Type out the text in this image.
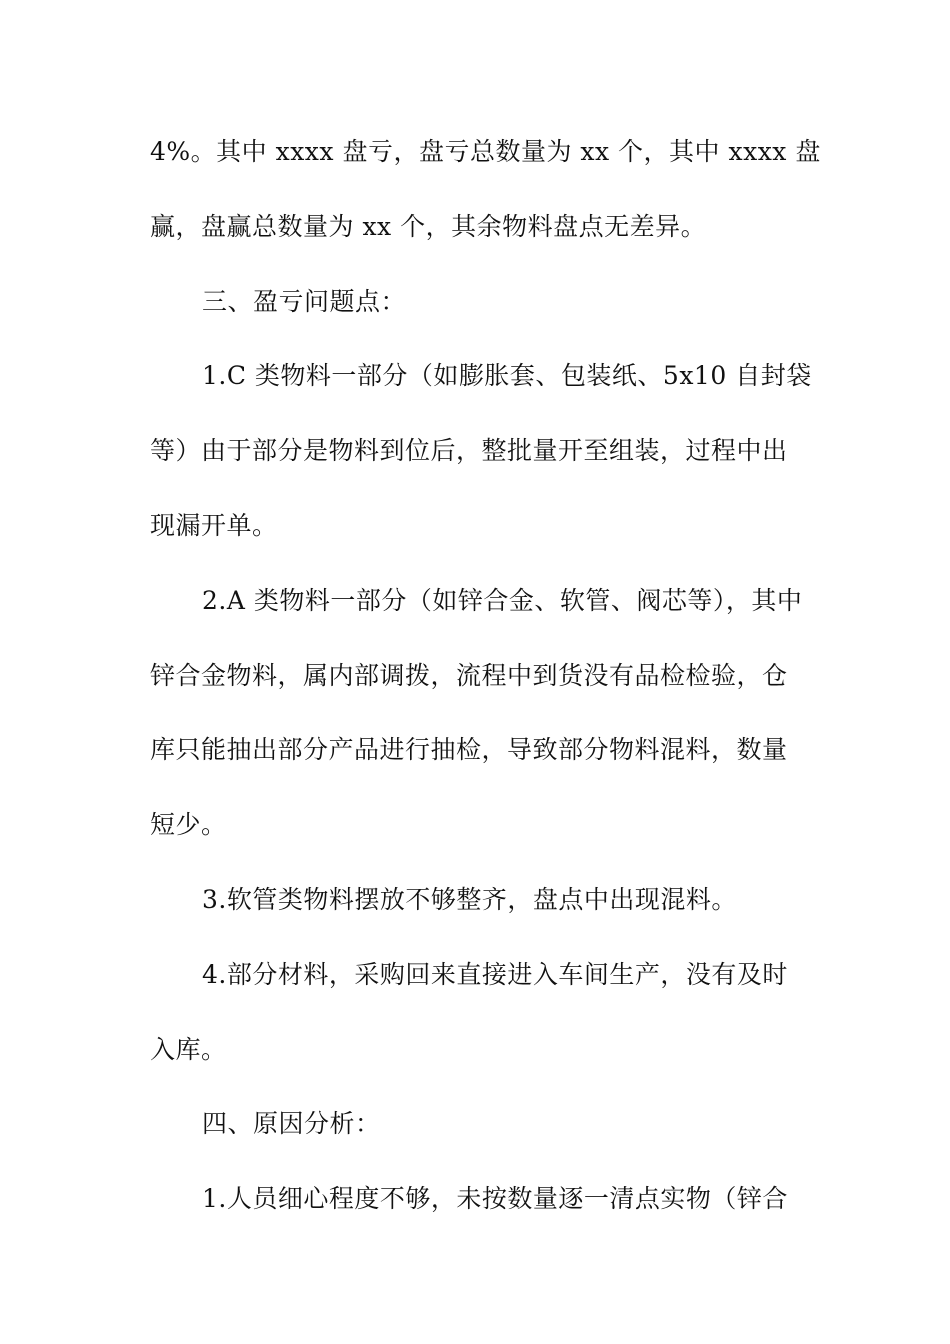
4%。其中 xxxx 盘亏，盘亏总数量为 xx 个，其中 xxxx 盘
赢，盘赢总数量为 xx 个，其余物料盘点无差异。
三、盈亏问题点：
1.C 类物料一部分（如膨胀套、包装纸、5x10 自封袋
等）由于部分是物料到位后，整批量开至组装，过程中出
现漏开单。
2.A 类物料一部分（如锌合金、软管、阀芯等），其中
锌合金物料，属内部调拨，流程中到货没有品检检验，仓
库只能抽出部分产品进行抽检，导致部分物料混料，数量
短少。
3.软管类物料摆放不够整齐，盘点中出现混料。
4.部分材料，采购回来直接进入车间生产，没有及时
入库。
四、原因分析：
1.人员细心程度不够，未按数量逐一清点实物（锌合
